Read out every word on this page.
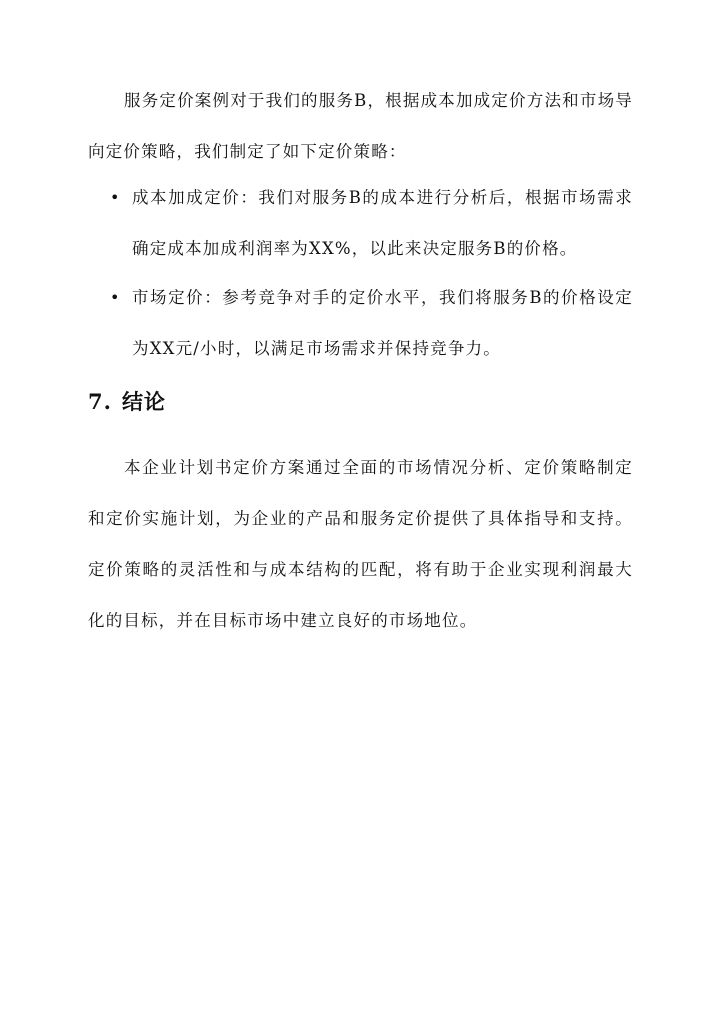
服务定价案例对于我们的服务B，根据成本加成定价方法和市场导向定价策略，我们制定了如下定价策略：

• 成本加成定价：我们对服务B的成本进行分析后，根据市场需求确定成本加成利润率为XX%，以此来决定服务B的价格。
• 市场定价：参考竞争对手的定价水平，我们将服务B的价格设定为XX元/小时，以满足市场需求并保持竞争力。
7. 结论

本企业计划书定价方案通过全面的市场情况分析、定价策略制定和定价实施计划，为企业的产品和服务定价提供了具体指导和支持。定价策略的灵活性和与成本结构的匹配，将有助于企业实现利润最大化的目标，并在目标市场中建立良好的市场地位。
